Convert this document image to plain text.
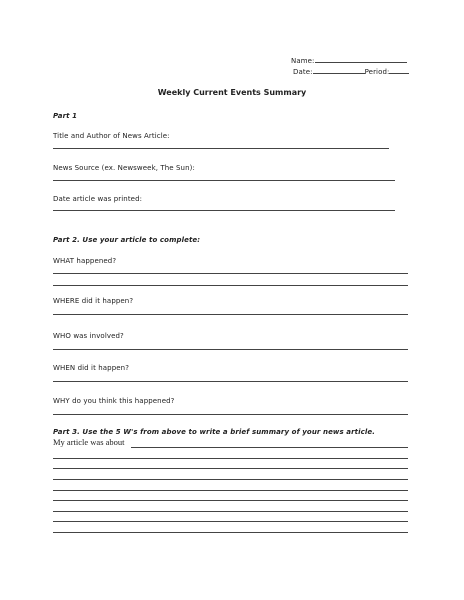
Name:
Date:	Period:
Weekly Current Events Summary
Part 1
Title and Author of News Article:
News Source (ex. Newsweek, The Sun):
Date article was printed:
Part 2. Use your article to complete:
WHAT happened?
WHERE did it happen?
WHO was involved?
WHEN did it happen?
WHY do you think this happened?
Part 3. Use the 5 W's from above to write a brief summary of your news article.
My article was about
